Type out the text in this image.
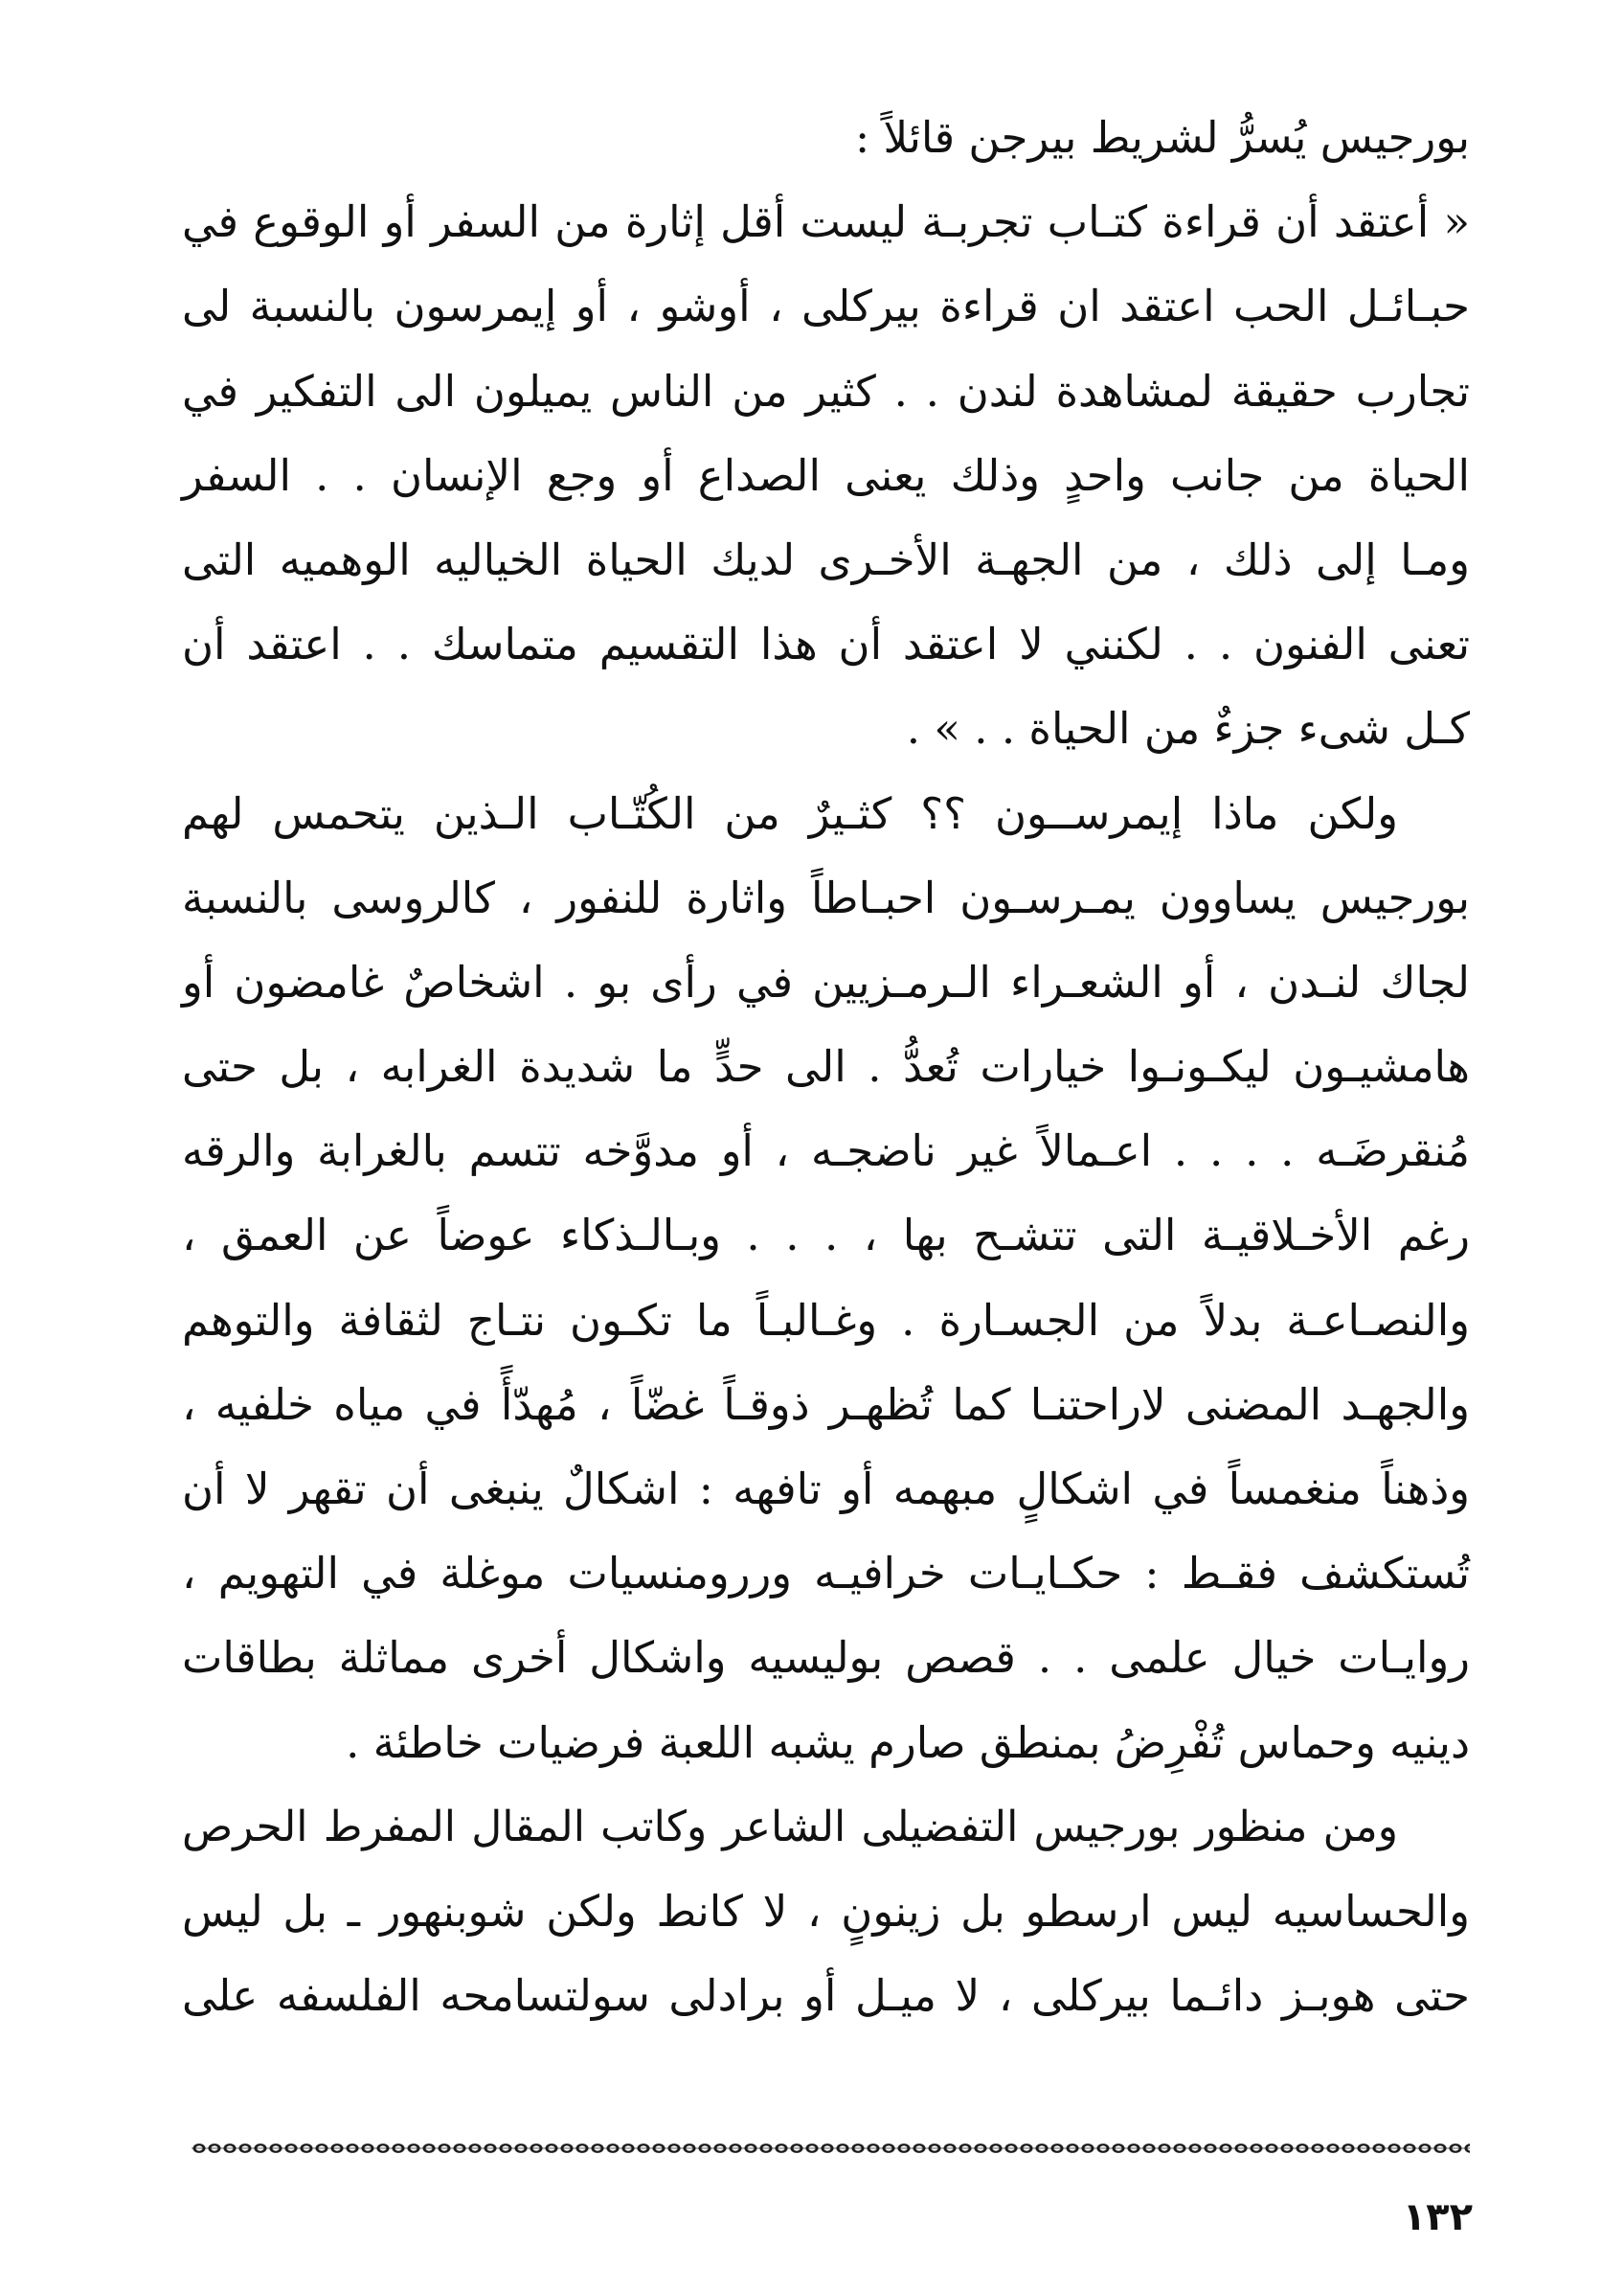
بورجيس يُسرُّ لشريط بيرجن قائلاً :
« أعتقد أن قراءة كتـاب تجربـة ليست أقل إثارة من السفر أو الوقوع في
حبـائـل الحب اعتقد ان قراءة بيركلى ، أوشو ، أو إيمرسون بالنسبة لى
تجارب حقيقة لمشاهدة لندن . . كثير من الناس يميلون الى التفكير في
الحياة من جانب واحدٍ وذلك يعنى الصداع أو وجع الإنسان . . السفر
ومـا إلى ذلك ، من الجهـة الأخـرى لديك الحياة الخياليه الوهميه التى
تعنى الفنون . . لكنني لا اعتقد أن هذا التقسيم متماسك . . اعتقد أن
كـل شىء جزءٌ من الحياة . . » .
ولكن ماذا إيمرســون ؟؟ كثـيرٌ من الكُتّـاب الـذين يتحمس لهم
بورجيس يساوون يمـرسـون احبـاطاً واثارة للنفور ، كالروسى بالنسبة
لجاك لنـدن ، أو الشعـراء الـرمـزيين في رأى بو . اشخاصٌ غامضون أو
هامشيـون ليكـونـوا خيارات تُعدُّ . الى حدٍّ ما شديدة الغرابه ، بل حتى
مُنقرضَـه . . . . اعـمالاً غير ناضجـه ، أو مدوَّخه تتسم بالغرابة والرقه
رغم الأخـلاقيـة التى تتشـح بها ، . . . وبـالـذكاء عوضاً عن العمق ،
والنصـاعـة بدلاً من الجسـارة . وغـالبـاً ما تكـون نتـاج لثقافة والتوهم
والجهـد المضنى لاراحتنـا كما تُظهـر ذوقـاً غضّاً ، مُهدّأً في مياه خلفيه ،
وذهناً منغمساً في اشكالٍ مبهمه أو تافهه : اشكالٌ ينبغى أن تقهر لا أن
تُستكشف فقـط : حكـايـات خرافيـه وررومنسيات موغلة في التهويم ،
روايـات خيال علمى . . قصص بوليسيه واشكال أخرى مماثلة بطاقات
دينيه وحماس تُفْرِضُ بمنطق صارم يشبه اللعبة فرضيات خاطئة .
ومن منظور بورجيس التفضيلى الشاعر وكاتب المقال المفرط الحرص
والحساسيه ليس ارسطو بل زينونٍ ، لا كانط ولكن شوبنهور ـ بل ليس
حتى هوبـز دائـما بيركلى ، لا ميـل أو برادلى سولتسامحه الفلسفه على
١٣٢
